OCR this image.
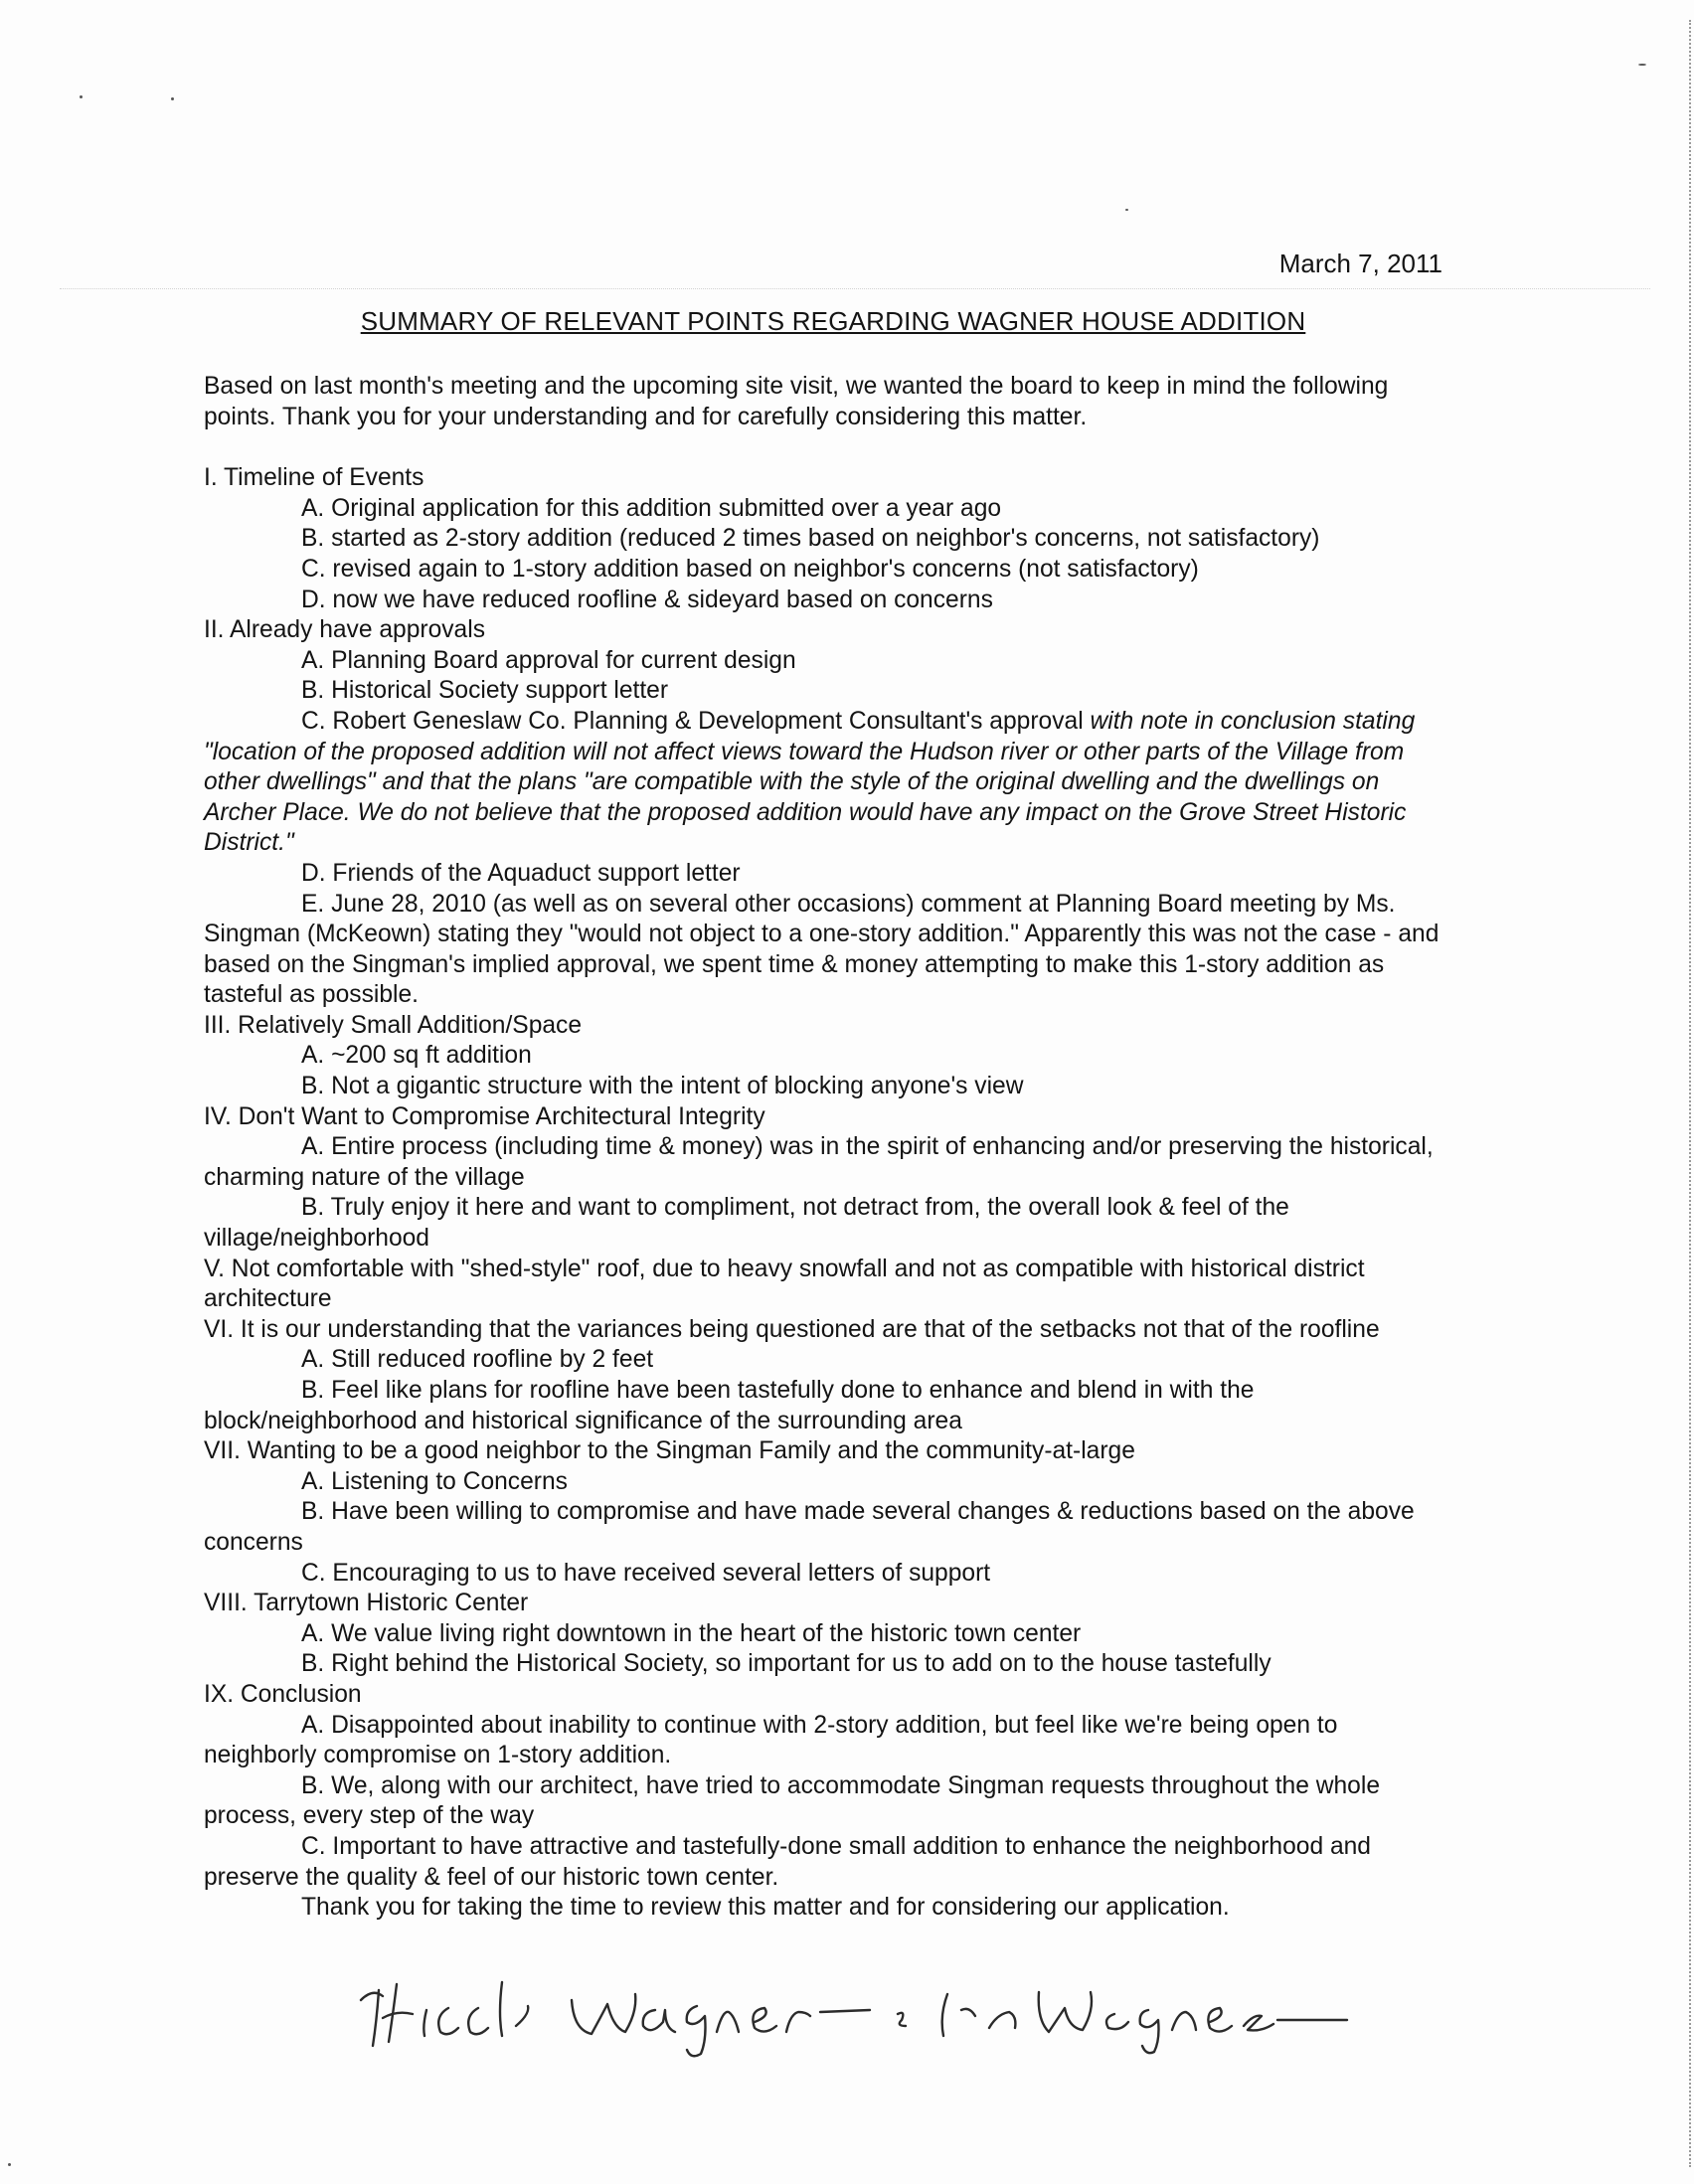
March 7, 2011

SUMMARY OF RELEVANT POINTS REGARDING WAGNER HOUSE ADDITION

Based on last month's meeting and the upcoming site visit, we wanted the board to keep in mind the following points. Thank you for your understanding and for carefully considering this matter.

I. Timeline of Events

A. Original application for this addition submitted over a year ago

B. started as 2-story addition (reduced 2 times based on neighbor's concerns, not satisfactory)

C. revised again to 1-story addition based on neighbor's concerns (not satisfactory)

D. now we have reduced roofline & sideyard based on concerns

II. Already have approvals

A. Planning Board approval for current design

B. Historical Society support letter

C. Robert Geneslaw Co. Planning & Development Consultant's approval with note in conclusion stating "location of the proposed addition will not affect views toward the Hudson river or other parts of the Village from other dwellings" and that the plans "are compatible with the style of the original dwelling and the dwellings on Archer Place. We do not believe that the proposed addition would have any impact on the Grove Street Historic District."

D. Friends of the Aquaduct support letter

E. June 28, 2010 (as well as on several other occasions) comment at Planning Board meeting by Ms. Singman (McKeown) stating they "would not object to a one-story addition." Apparently this was not the case - and based on the Singman's implied approval, we spent time & money attempting to make this 1-story addition as tasteful as possible.

III. Relatively Small Addition/Space

A. ~200 sq ft addition

B. Not a gigantic structure with the intent of blocking anyone's view

IV. Don't Want to Compromise Architectural Integrity

A. Entire process (including time & money) was in the spirit of enhancing and/or preserving the historical, charming nature of the village

B. Truly enjoy it here and want to compliment, not detract from, the overall look & feel of the village/neighborhood

V. Not comfortable with "shed-style" roof, due to heavy snowfall and not as compatible with historical district architecture

VI. It is our understanding that the variances being questioned are that of the setbacks not that of the roofline

A. Still reduced roofline by 2 feet

B. Feel like plans for roofline have been tastefully done to enhance and blend in with the block/neighborhood and historical significance of the surrounding area

VII. Wanting to be a good neighbor to the Singman Family and the community-at-large

A. Listening to Concerns

B. Have been willing to compromise and have made several changes & reductions based on the above concerns

C. Encouraging to us to have received several letters of support

VIII. Tarrytown Historic Center

A. We value living right downtown in the heart of the historic town center

B. Right behind the Historical Society, so important for us to add on to the house tastefully

IX. Conclusion

A. Disappointed about inability to continue with 2-story addition, but feel like we're being open to neighborly compromise on 1-story addition.

B. We, along with our architect, have tried to accommodate Singman requests throughout the whole process, every step of the way

C. Important to have attractive and tastefully-done small addition to enhance the neighborhood and preserve the quality & feel of our historic town center.

Thank you for taking the time to review this matter and for considering our application.
